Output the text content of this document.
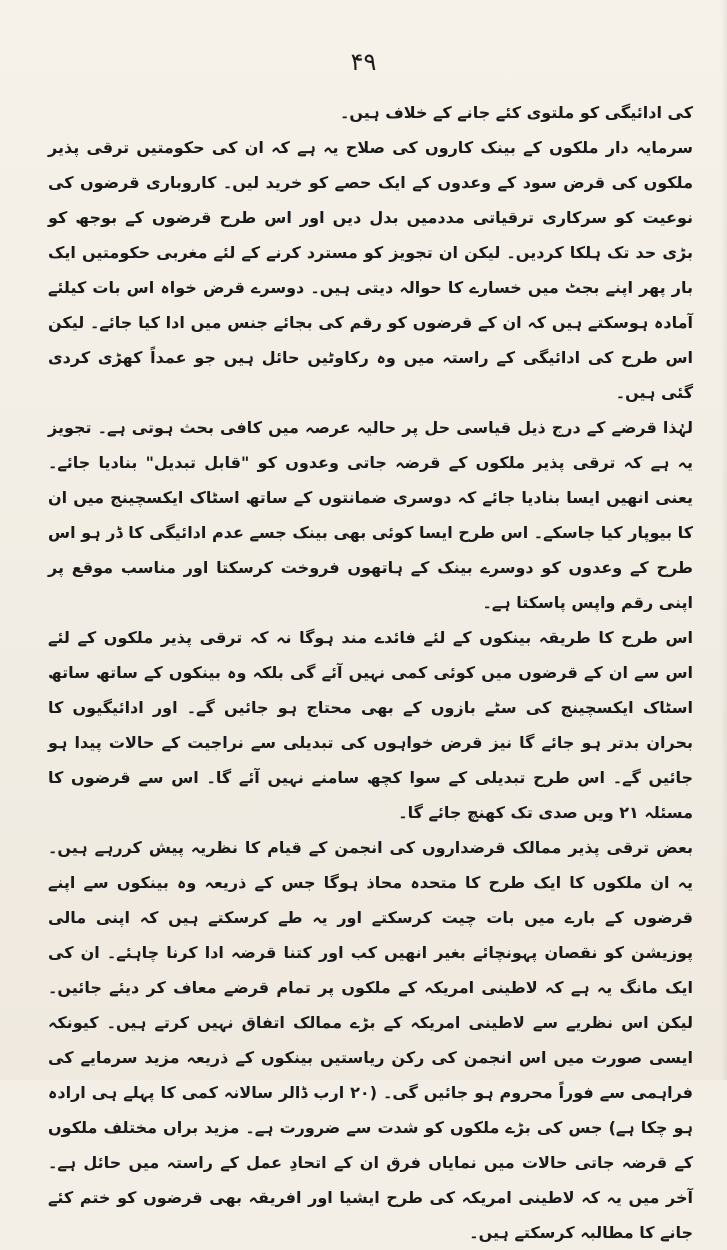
۴۹

کی ادائیگی کو ملتوی کئے جانے کے خلاف ہیں۔

سرمایہ دار ملکوں کے بینک کاروں کی صلاح یہ ہے کہ ان کی حکومتیں ترقی پذیر ملکوں کی قرض سود کے وعدوں کے ایک حصے کو خرید لیں۔ کاروباری قرضوں کی نوعیت کو سرکاری ترقیاتی مددمیں بدل دیں اور اس طرح قرضوں کے بوجھ کو بڑی حد تک ہلکا کردیں۔ لیکن ان تجویز کو مسترد کرنے کے لئے مغربی حکومتیں ایک بار پھر اپنے بجٹ میں خسارے کا حوالہ دیتی ہیں۔ دوسرے قرض خواہ اس بات کیلئے آمادہ ہوسکتے ہیں کہ ان کے قرضوں کو رقم کی بجائے جنس میں ادا کیا جائے۔ لیکن اس طرح کی ادائیگی کے راستہ میں وہ رکاوٹیں حائل ہیں جو عمداً کھڑی کردی گئی ہیں۔

لہٰذا قرضے کے درج ذیل قیاسی حل پر حالیہ عرصہ میں کافی بحث ہوتی ہے۔ تجویز یہ ہے کہ ترقی پذیر ملکوں کے قرضہ جاتی وعدوں کو "قابل تبدیل" بنادیا جائے۔ یعنی انھیں ایسا بنادیا جائے کہ دوسری ضمانتوں کے ساتھ اسٹاک ایکسچینج میں ان کا بیوپار کیا جاسکے۔ اس طرح ایسا کوئی بھی بینک جسے عدم ادائیگی کا ڈر ہو اس طرح کے وعدوں کو دوسرے بینک کے ہاتھوں فروخت کرسکتا اور مناسب موقع پر اپنی رقم واپس پاسکتا ہے۔

اس طرح کا طریقہ بینکوں کے لئے فائدے مند ہوگا نہ کہ ترقی پذیر ملکوں کے لئے اس سے ان کے قرضوں میں کوئی کمی نہیں آئے گی بلکہ وہ بینکوں کے ساتھ ساتھ اسٹاک ایکسچینج کی سٹے بازوں کے بھی محتاج ہو جائیں گے۔ اور ادائیگیوں کا بحران بدتر ہو جائے گا نیز قرض خواہوں کی تبدیلی سے نراجیت کے حالات پیدا ہو جائیں گے۔ اس طرح تبدیلی کے سوا کچھ سامنے نہیں آئے گا۔ اس سے قرضوں کا مسئلہ ۲۱ ویں صدی تک کھنچ جائے گا۔

بعض ترقی پذیر ممالک قرضداروں کی انجمن کے قیام کا نظریہ پیش کررہے ہیں۔ یہ ان ملکوں کا ایک طرح کا متحدہ محاذ ہوگا جس کے ذریعہ وہ بینکوں سے اپنے قرضوں کے بارے میں بات چیت کرسکتے اور یہ طے کرسکتے ہیں کہ اپنی مالی پوزیشن کو نقصان پہونچائے بغیر انھیں کب اور کتنا قرضہ ادا کرنا چاہئے۔ ان کی ایک مانگ یہ ہے کہ لاطینی امریکہ کے ملکوں پر تمام قرضے معاف کر دیئے جائیں۔ لیکن اس نظریے سے لاطینی امریکہ کے بڑے ممالک اتفاق نہیں کرتے ہیں۔ کیونکہ ایسی صورت میں اس انجمن کی رکن ریاستیں بینکوں کے ذریعہ مزید سرمایے کی فراہمی سے فوراً محروم ہو جائیں گی۔ (۲۰ ارب ڈالر سالانہ کمی کا پہلے ہی ارادہ ہو چکا ہے) جس کی بڑے ملکوں کو شدت سے ضرورت ہے۔ مزید براں مختلف ملکوں کے قرضہ جاتی حالات میں نمایاں فرق ان کے اتحادِ عمل کے راستہ میں حائل ہے۔ آخر میں یہ کہ لاطینی امریکہ کی طرح ایشیا اور افریقہ بھی قرضوں کو ختم کئے جانے کا مطالبہ کرسکتے ہیں۔
